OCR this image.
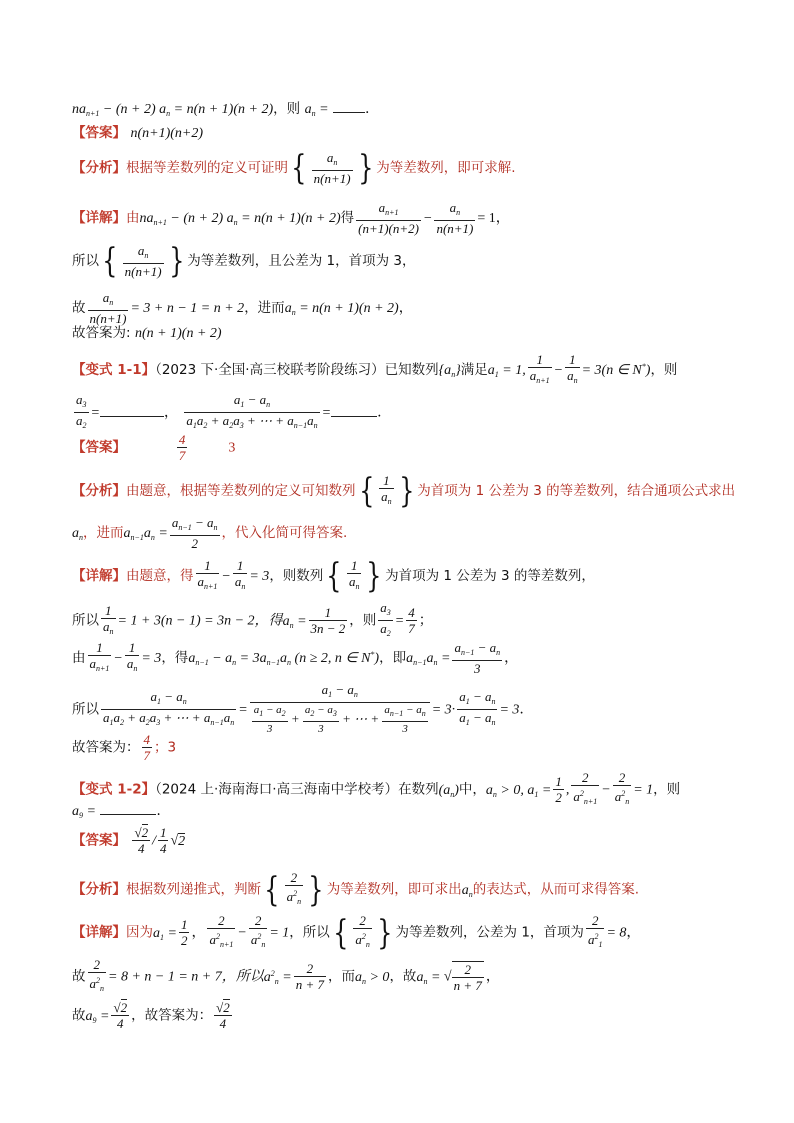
$na_{n+1} - (n + 2) a_n = n(n + 1)(n + 2)$，则 $a_n$ =	.
【答案】 n(n+1)(n+2)
【分析】根据等差数列的定义可证明{ $\frac{a_n}{n(n+1)}$ } 为等差数列，即可求解.
【详解】由$na_{n+1} - (n + 2) a_n = n(n + 1)(n + 2)$得 $\frac{a_{n+1}}{(n+1)(n+2)} - \frac{a_n}{n(n+1)} = 1$，
所以{ $\frac{a_n}{n(n+1)}$ } 为等差数列，且公差为 1，首项为 3，
故 $\frac{a_n}{n(n+1)} = 3 + n - 1 = n + 2$，进而$a_n = n(n + 1)(n + 2)$，
故答案为: n(n + 1)(n + 2)
【变式 1-1】（2023 下·全国·高三校联考阶段练习）已知数列$\{a_n\}$满足$a_1 = 1$, $\frac{1}{a_{n+1}} - \frac{1}{a_n} = 3(n$ ∈ N*)，则
$\frac{a_3}{a_2}$ =	， $\frac{a_1 - a_n}{a_1a_2 + a_2a_3 + \cdots + a_{n-1}a_n}$ =	.
【答案】	$\frac{4}{7}$	3
【分析】由题意，根据等差数列的定义可知数列{ $\frac{1}{a_n}$ } 为首项为 1 公差为 3 的等差数列，结合通项公式求出
$a_n$，进而$a_{n-1}a_n = \frac{a_{n-1} - a_n}{2}$ ，代入化简可得答案.
【详解】由题意，得 $\frac{1}{a_{n+1}} - \frac{1}{a_n} = 3$，则数列{ $\frac{1}{a_n}$ } 为首项为 1 公差为 3 的等差数列，
所以 $\frac{1}{a_n} = 1 + 3(n - 1) = 3n - 2$，得$a_n = \frac{1}{3n - 2}$ ，则 $\frac{a_3}{a_2} = \frac{4}{7}$ ；
由 $\frac{1}{a_{n+1}} - \frac{1}{a_n} = 3$，得$a_{n-1} - a_n = 3a_{n-1}a_n$ (n ≥ 2, n ∈ N*)，即$a_{n-1}a_n = \frac{a_{n-1} - a_n}{3}$ ，
所以 $\frac{a_1 - a_n}{a_1a_2 + a_2a_3 + \cdots + a_{n-1}a_n} = \frac{a_1 - a_n}{\frac{a_1 - a_2}{3} + \frac{a_2 - a_3}{3} + \cdots + \frac{a_{n-1} - a_n}{3}} = 3\cdot \frac{a_1 - a_n}{a_1 - a_n} = 3$.
故答案为： $\frac{4}{7}$ ；3
【变式 1-2】（2024 上·海南海口·高三海南中学校考）在数列$(a_n)$中，$a_n > 0$, $a_1 = \frac{1}{2}$ , $\frac{2}{a^2_{n+1}} - \frac{2}{a^2_n} = 1$，则
$a_9$ =	.
【答案】 $\frac{√2}{4} / \frac{1}{4} √2$
【分析】根据数列递推式，判断{ $\frac{2}{a^2_n}$ } 为等差数列，即可求出$a_n$的表达式，从而可求得答案.
【详解】因为$a_1 = \frac{1}{2}$ ， $\frac{2}{a^2_{n+1}} - \frac{2}{a^2_n} = 1$，所以{ $\frac{2}{a^2_n}$ } 为等差数列，公差为 1，首项为 $\frac{2}{a^2_1} = 8$，
故 $\frac{2}{a^2_n} = 8 + n - 1 = n + 7$，所以$a^2_n = \frac{2}{n + 7}$ ，而$a_n > 0$，故$a_n$ = √ $\frac{2}{n + 7}$ ，
故$a_9 = \frac{√2}{4}$ ，故答案为： $\frac{√2}{4}$
